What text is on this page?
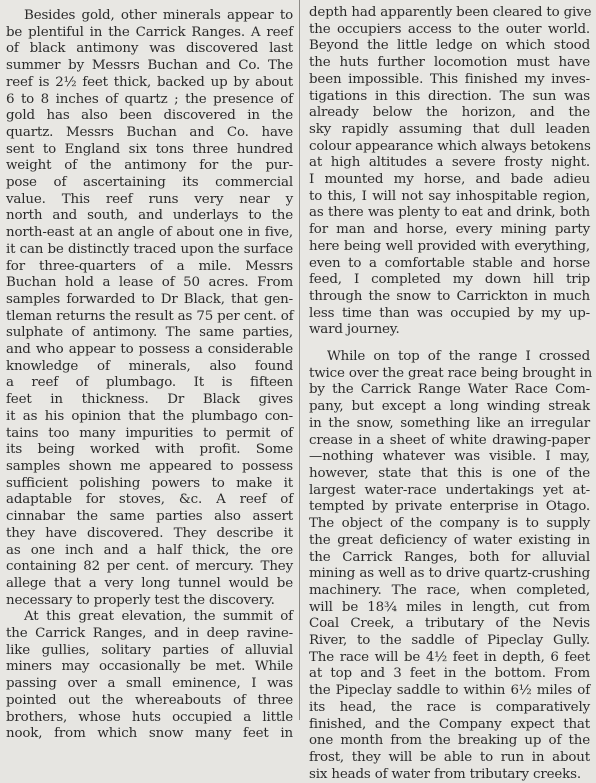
Besides gold, other minerals appear to
be plentiful in the Carrick Ranges. A reef
of black antimony was discovered last
summer by Messrs Buchan and Co. The
reef is 2½ feet thick, backed up by about
6 to 8 inches of quartz ; the presence of
gold has also been discovered in the
quartz. Messrs Buchan and Co. have
sent to England six tons three hundred
weight of the antimony for the pur-
pose of ascertaining its commercial
value. This reef runs very near y
north and south, and underlays to the
north-east at an angle of about one in five,
it can be distinctly traced upon the surface
for three-quarters of a mile. Messrs
Buchan hold a lease of 50 acres. From
samples forwarded to Dr Black, that gen-
tleman returns the result as 75 per cent. of
sulphate of antimony. The same parties,
and who appear to possess a considerable
knowledge of minerals, also found
a reef of plumbago. It is fifteen
feet in thickness. Dr Black gives
it as his opinion that the plumbago con-
tains too many impurities to permit of
its being worked with profit. Some
samples shown me appeared to possess
sufficient polishing powers to make it
adaptable for stoves, &c. A reef of
cinnabar the same parties also assert
they have discovered. They describe it
as one inch and a half thick, the ore
containing 82 per cent. of mercury. They
allege that a very long tunnel would be
necessary to properly test the discovery.
At this great elevation, the summit of
the Carrick Ranges, and in deep ravine-
like gullies, solitary parties of alluvial
miners may occasionally be met. While
passing over a small eminence, I was
pointed out the whereabouts of three
brothers, whose huts occupied a little
nook, from which snow many feet in
depth had apparently been cleared to give
the occupiers access to the outer world.
Beyond the little ledge on which stood
the huts further locomotion must have
been impossible. This finished my inves-
tigations in this direction. The sun was
already below the horizon, and the
sky rapidly assuming that dull leaden
colour appearance which always betokens
at high altitudes a severe frosty night.
I mounted my horse, and bade adieu
to this, I will not say inhospitable region,
as there was plenty to eat and drink, both
for man and horse, every mining party
here being well provided with everything,
even to a comfortable stable and horse
feed, I completed my down hill trip
through the snow to Carrickton in much
less time than was occupied by my up-
ward journey.
While on top of the range I crossed
twice over the great race being brought in
by the Carrick Range Water Race Com-
pany, but except a long winding streak
in the snow, something like an irregular
crease in a sheet of white drawing-paper
—nothing whatever was visible. I may,
however, state that this is one of the
largest water-race undertakings yet at-
tempted by private enterprise in Otago.
The object of the company is to supply
the great deficiency of water existing in
the Carrick Ranges, both for alluvial
mining as well as to drive quartz-crushing
machinery. The race, when completed,
will be 18¾ miles in length, cut from
Coal Creek, a tributary of the Nevis
River, to the saddle of Pipeclay Gully.
The race will be 4½ feet in depth, 6 feet
at top and 3 feet in the bottom. From
the Pipeclay saddle to within 6½ miles of
its head, the race is comparatively
finished, and the Company expect that
one month from the breaking up of the
frost, they will be able to run in about
six heads of water from tributary creeks.
